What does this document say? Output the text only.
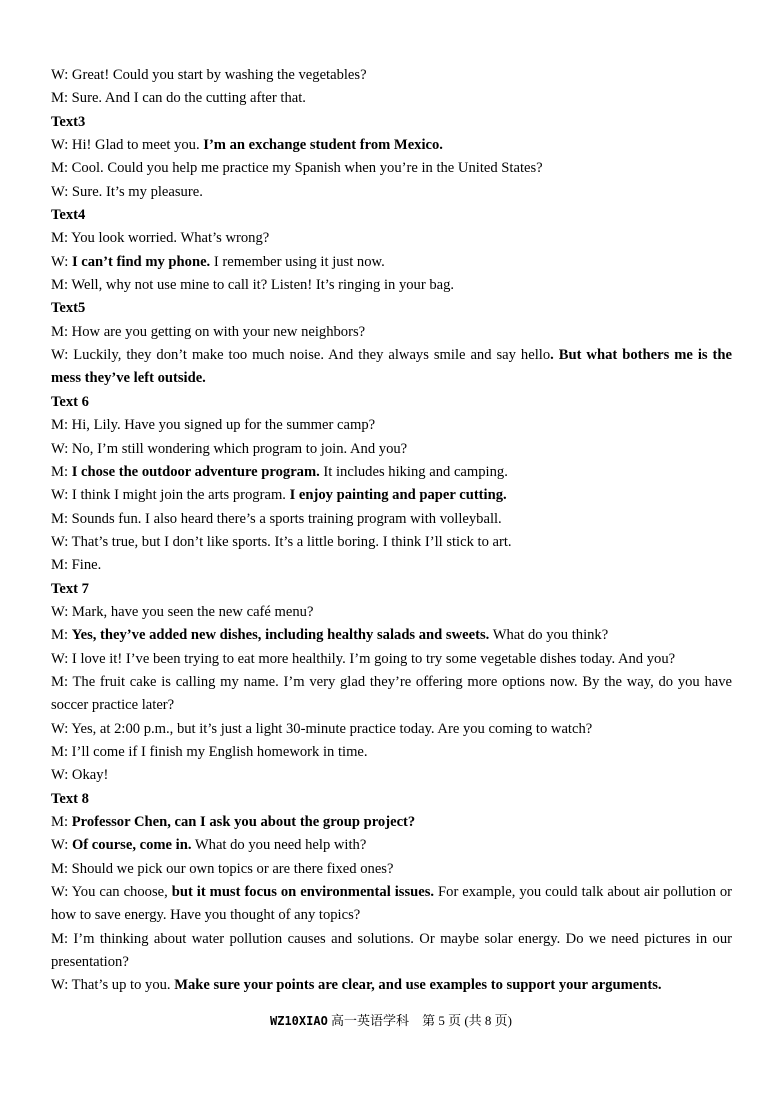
W: Great! Could you start by washing the vegetables?

M: Sure. And I can do the cutting after that.

Text3

W: Hi! Glad to meet you. I’m an exchange student from Mexico.

M: Cool. Could you help me practice my Spanish when you’re in the United States?

W: Sure. It’s my pleasure.

Text4

M: You look worried. What’s wrong?

W: I can’t find my phone. I remember using it just now.

M: Well, why not use mine to call it? Listen! It’s ringing in your bag.

Text5

M: How are you getting on with your new neighbors?

W: Luckily, they don’t make too much noise. And they always smile and say hello. But what bothers me is the mess they’ve left outside.

Text 6

M: Hi, Lily. Have you signed up for the summer camp?

W: No, I’m still wondering which program to join. And you?

M: I chose the outdoor adventure program. It includes hiking and camping.

W: I think I might join the arts program. I enjoy painting and paper cutting.

M: Sounds fun. I also heard there’s a sports training program with volleyball.

W: That’s true, but I don’t like sports. It’s a little boring. I think I’ll stick to art.

M: Fine.

Text 7

W: Mark, have you seen the new café menu?

M: Yes, they’ve added new dishes, including healthy salads and sweets. What do you think?

W: I love it! I’ve been trying to eat more healthily. I’m going to try some vegetable dishes today. And you?

M: The fruit cake is calling my name. I’m very glad they’re offering more options now. By the way, do you have soccer practice later?

W: Yes, at 2:00 p.m., but it’s just a light 30-minute practice today. Are you coming to watch?

M: I’ll come if I finish my English homework in time.

W: Okay!

Text 8

M: Professor Chen, can I ask you about the group project?

W: Of course, come in. What do you need help with?

M: Should we pick our own topics or are there fixed ones?

W: You can choose, but it must focus on environmental issues. For example, you could talk about air pollution or how to save energy. Have you thought of any topics?

M: I’m thinking about water pollution causes and solutions. Or maybe solar energy. Do we need pictures in our presentation?

W: That’s up to you. Make sure your points are clear, and use examples to support your arguments.

WZ10XIAO 高一英语学科 第 5 页 (共 8 页)
